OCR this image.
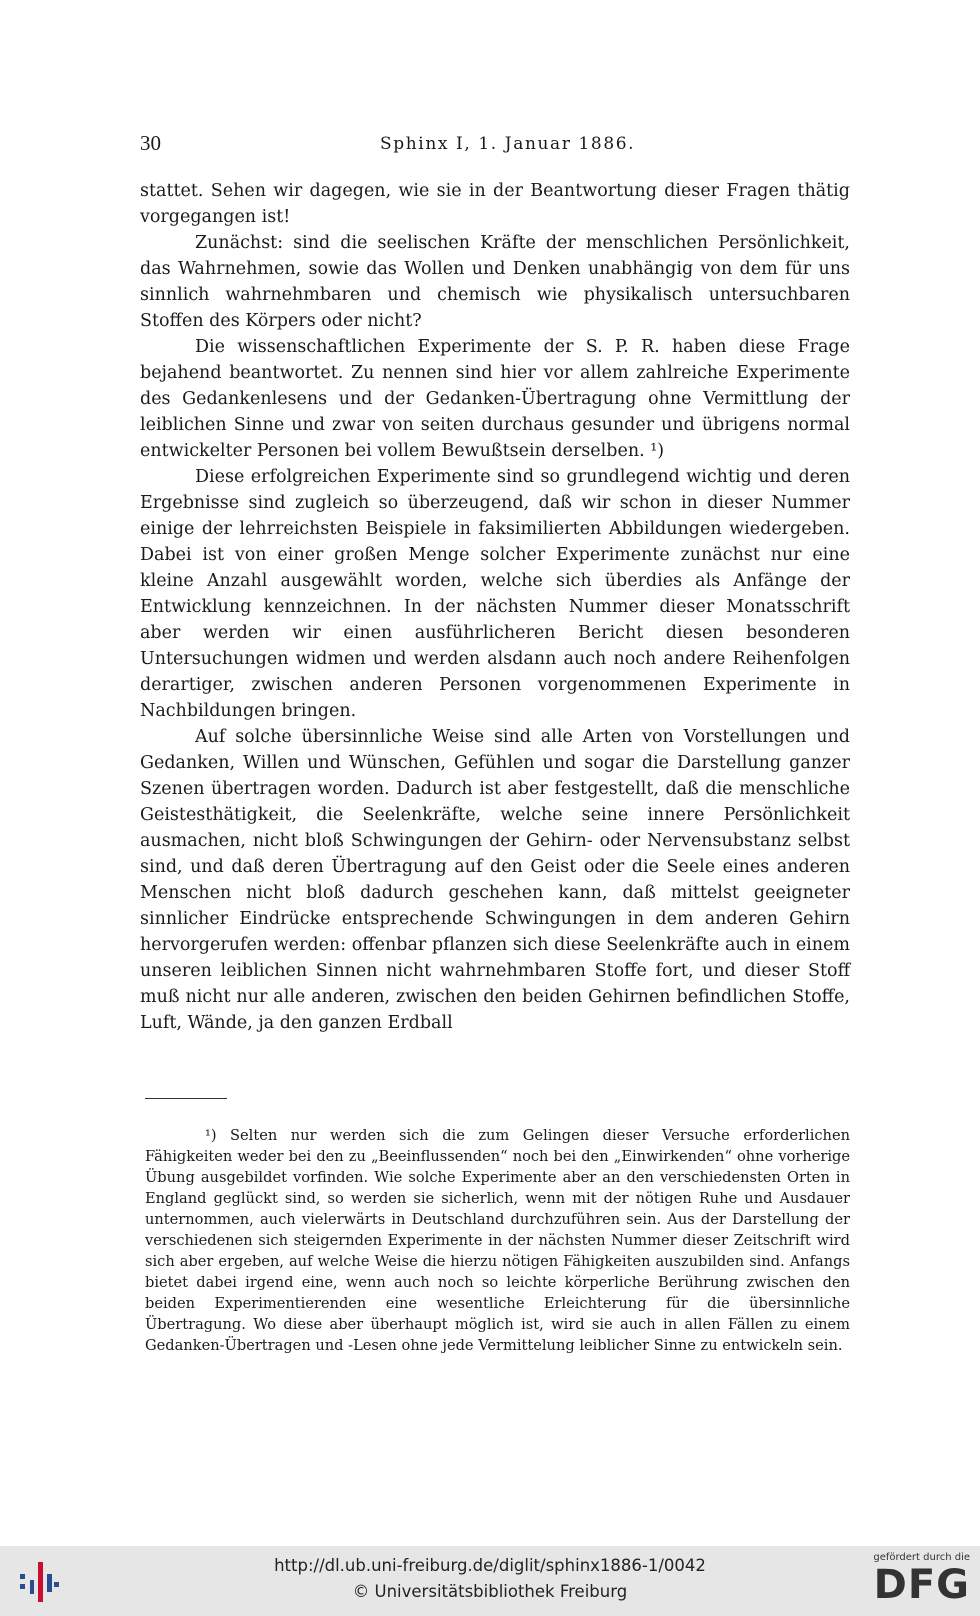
30	Sphinx I, 1. Januar 1886.

stattet. Sehen wir dagegen, wie sie in der Beantwortung dieser Fragen thätig vorgegangen ist!

Zunächst: sind die seelischen Kräfte der menschlichen Persönlichkeit, das Wahrnehmen, sowie das Wollen und Denken unabhängig von dem für uns sinnlich wahrnehmbaren und chemisch wie physikalisch untersuchbaren Stoffen des Körpers oder nicht?

Die wissenschaftlichen Experimente der S. P. R. haben diese Frage bejahend beantwortet. Zu nennen sind hier vor allem zahlreiche Experimente des Gedankenlesens und der Gedanken-Übertragung ohne Vermittlung der leiblichen Sinne und zwar von seiten durchaus gesunder und übrigens normal entwickelter Personen bei vollem Bewußtsein derselben. ¹)

Diese erfolgreichen Experimente sind so grundlegend wichtig und deren Ergebnisse sind zugleich so überzeugend, daß wir schon in dieser Nummer einige der lehrreichsten Beispiele in faksimilierten Abbildungen wiedergeben. Dabei ist von einer großen Menge solcher Experimente zunächst nur eine kleine Anzahl ausgewählt worden, welche sich überdies als Anfänge der Entwicklung kennzeichnen. In der nächsten Nummer dieser Monatsschrift aber werden wir einen ausführlicheren Bericht diesen besonderen Untersuchungen widmen und werden alsdann auch noch andere Reihenfolgen derartiger, zwischen anderen Personen vorgenommenen Experimente in Nachbildungen bringen.

Auf solche übersinnliche Weise sind alle Arten von Vorstellungen und Gedanken, Willen und Wünschen, Gefühlen und sogar die Darstellung ganzer Szenen übertragen worden. Dadurch ist aber festgestellt, daß die menschliche Geistesthätigkeit, die Seelenkräfte, welche seine innere Persönlichkeit ausmachen, nicht bloß Schwingungen der Gehirn- oder Nervensubstanz selbst sind, und daß deren Übertragung auf den Geist oder die Seele eines anderen Menschen nicht bloß dadurch geschehen kann, daß mittelst geeigneter sinnlicher Eindrücke entsprechende Schwingungen in dem anderen Gehirn hervorgerufen werden: offenbar pflanzen sich diese Seelenkräfte auch in einem unseren leiblichen Sinnen nicht wahrnehmbaren Stoffe fort, und dieser Stoff muß nicht nur alle anderen, zwischen den beiden Gehirnen befindlichen Stoffe, Luft, Wände, ja den ganzen Erdball

¹) Selten nur werden sich die zum Gelingen dieser Versuche erforderlichen Fähigkeiten weder bei den zu „Beeinflussenden“ noch bei den „Einwirkenden“ ohne vorherige Übung ausgebildet vorfinden. Wie solche Experimente aber an den verschiedensten Orten in England geglückt sind, so werden sie sicherlich, wenn mit der nötigen Ruhe und Ausdauer unternommen, auch vielerwärts in Deutschland durchzuführen sein. Aus der Darstellung der verschiedenen sich steigernden Experimente in der nächsten Nummer dieser Zeitschrift wird sich aber ergeben, auf welche Weise die hierzu nötigen Fähigkeiten auszubilden sind. Anfangs bietet dabei irgend eine, wenn auch noch so leichte körperliche Berührung zwischen den beiden Experimentierenden eine wesentliche Erleichterung für die übersinnliche Übertragung. Wo diese aber überhaupt möglich ist, wird sie auch in allen Fällen zu einem Gedanken-Übertragen und -Lesen ohne jede Vermittelung leiblicher Sinne zu entwickeln sein.
http://dl.ub.uni-freiburg.de/diglit/sphinx1886-1/0042
© Universitätsbibliothek Freiburg
gefördert durch die
DFG
